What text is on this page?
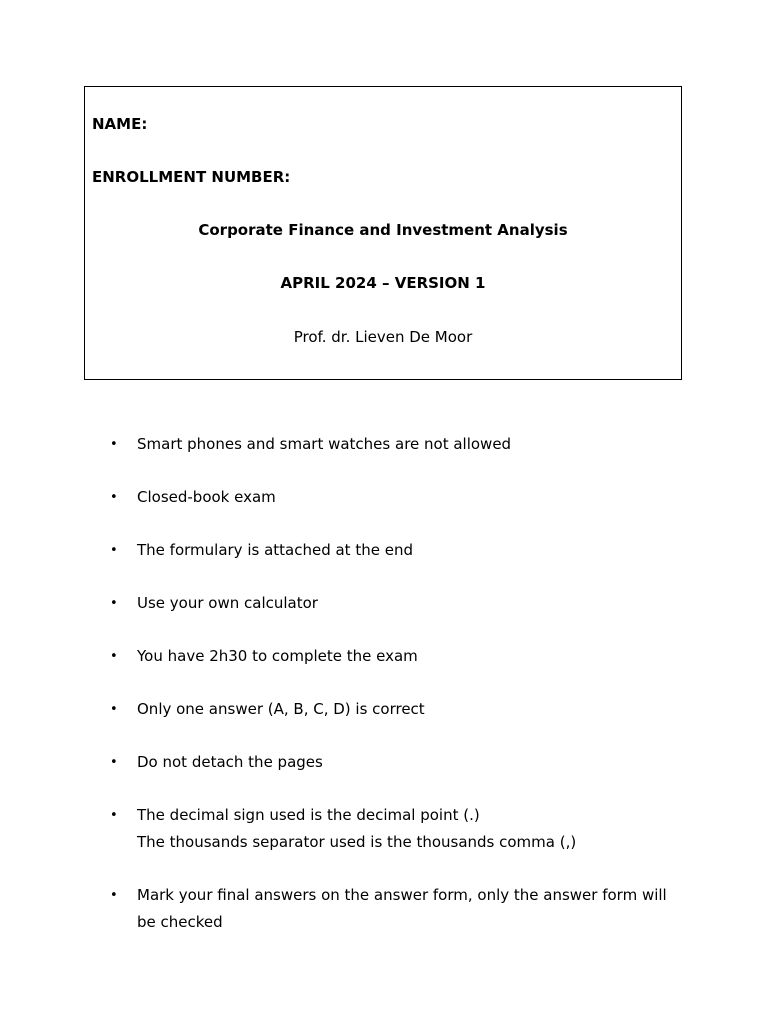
NAME:
ENROLLMENT NUMBER:
Corporate Finance and Investment Analysis
APRIL 2024 – VERSION 1
Prof. dr. Lieven De Moor
•	Smart phones and smart watches are not allowed
•	Closed-book exam
•	The formulary is attached at the end
•	Use your own calculator
•	You have 2h30 to complete the exam
•	Only one answer (A, B, C, D) is correct
•	Do not detach the pages
•	The decimal sign used is the decimal point (.)
The thousands separator used is the thousands comma (,)
•	Mark your final answers on the answer form, only the answer form will
be checked
